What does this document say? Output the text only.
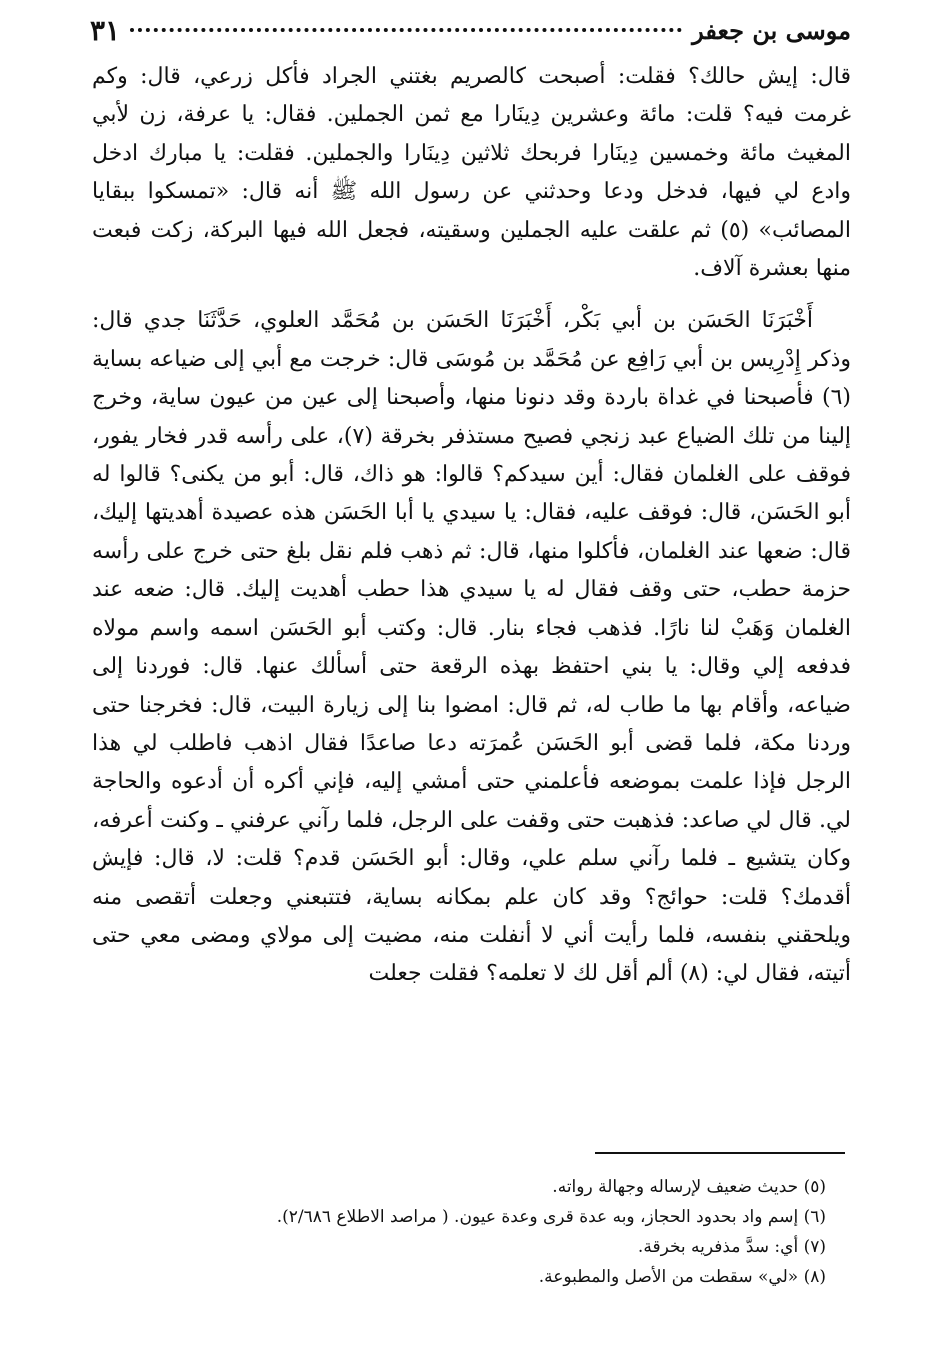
موسى بن جعفر
٣١

قال: إيش حالك؟ فقلت: أصبحت كالصريم بغتني الجراد فأكل زرعي، قال: وكم غرمت فيه؟ قلت: مائة وعشرين دِينَارا مع ثمن الجملين. فقال: يا عرفة، زن لأبي المغيث مائة وخمسين دِينَارا فربحك ثلاثين دِينَارا والجملين. فقلت: يا مبارك ادخل وادع لي فيها، فدخل ودعا وحدثني عن رسول الله ﷺ أنه قال: «تمسكوا ببقايا المصائب» (٥) ثم علقت عليه الجملين وسقيته، فجعل الله فيها البركة، زكت فبعت منها بعشرة آلاف.

أَخْبَرَنَا الحَسَن بن أبي بَكْر، أَخْبَرَنَا الحَسَن بن مُحَمَّد العلوي، حَدَّثَنَا جدي قال: وذكر إِدْرِيس بن أبي رَافِع عن مُحَمَّد بن مُوسَى قال: خرجت مع أبي إلى ضياعه بساية (٦) فأصبحنا في غداة باردة وقد دنونا منها، وأصبحنا إلى عين من عيون ساية، وخرج إلينا من تلك الضياع عبد زنجي فصيح مستذفر بخرقة (٧)، على رأسه قدر فخار يفور، فوقف على الغلمان فقال: أين سيدكم؟ قالوا: هو ذاك، قال: أبو من يكنى؟ قالوا له أبو الحَسَن، قال: فوقف عليه، فقال: يا سيدي يا أبا الحَسَن هذه عصيدة أهديتها إليك، قال: ضعها عند الغلمان، فأكلوا منها، قال: ثم ذهب فلم نقل بلغ حتى خرج على رأسه حزمة حطب، حتى وقف فقال له يا سيدي هذا حطب أهديت إليك. قال: ضعه عند الغلمان وَهَبْ لنا نارًا. فذهب فجاء بنار. قال: وكتب أبو الحَسَن اسمه واسم مولاه فدفعه إلي وقال: يا بني احتفظ بهذه الرقعة حتى أسألك عنها. قال: فوردنا إلى ضياعه، وأقام بها ما طاب له، ثم قال: امضوا بنا إلى زيارة البيت، قال: فخرجنا حتى وردنا مكة، فلما قضى أبو الحَسَن عُمرَته دعا صاعدًا فقال اذهب فاطلب لي هذا الرجل فإذا علمت بموضعه فأعلمني حتى أمشي إليه، فإني أكره أن أدعوه والحاجة لي. قال لي صاعد: فذهبت حتى وقفت على الرجل، فلما رآني عرفني ـ وكنت أعرفه، وكان يتشيع ـ فلما رآني سلم علي، وقال: أبو الحَسَن قدم؟ قلت: لا، قال: فإيش أقدمك؟ قلت: حوائج؟ وقد كان علم بمكانه بساية، فتتبعني وجعلت أتقصى منه ويلحقني بنفسه، فلما رأيت أني لا أنفلت منه، مضيت إلى مولاي ومضى معي حتى أتيته، فقال لي: (٨) ألم أقل لك لا تعلمه؟ فقلت جعلت

(٥) حديث ضعيف لإرساله وجهالة رواته.
(٦) إسم واد بحدود الحجاز، وبه عدة قرى وعدة عيون. ( مراصد الاطلاع ٢/٦٨٦).
(٧) أي: سدَّ مذفريه بخرقة.
(٨) «لي» سقطت من الأصل والمطبوعة.
